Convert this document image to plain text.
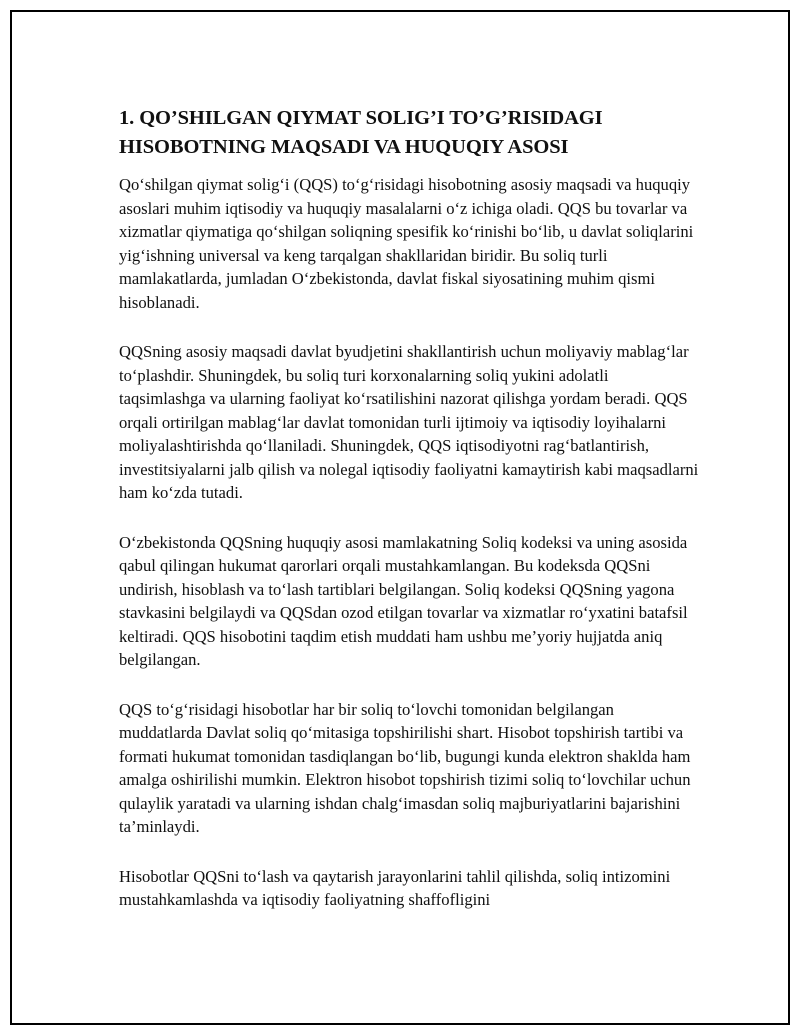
1. QO’SHILGAN QIYMAT SOLIG’I TO’G’RISIDAGI HISOBOTNING MAQSADI VA HUQUQIY ASOSI

Qo‘shilgan qiymat solig‘i (QQS) to‘g‘risidagi hisobotning asosiy maqsadi va huquqiy asoslari muhim iqtisodiy va huquqiy masalalarni o‘z ichiga oladi. QQS bu tovarlar va xizmatlar qiymatiga qo‘shilgan soliqning spesifik ko‘rinishi bo‘lib, u davlat soliqlarini yig‘ishning universal va keng tarqalgan shakllaridan biridir. Bu soliq turli mamlakatlarda, jumladan O‘zbekistonda, davlat fiskal siyosatining muhim qismi hisoblanadi.

QQSning asosiy maqsadi davlat byudjetini shakllantirish uchun moliyaviy mablag‘lar to‘plashdir. Shuningdek, bu soliq turi korxonalarning soliq yukini adolatli taqsimlashga va ularning faoliyat ko‘rsatilishini nazorat qilishga yordam beradi. QQS orqali ortirilgan mablag‘lar davlat tomonidan turli ijtimoiy va iqtisodiy loyihalarni moliyalashtirishda qo‘llaniladi. Shuningdek, QQS iqtisodiyotni rag‘batlantirish, investitsiyalarni jalb qilish va nolegal iqtisodiy faoliyatni kamaytirish kabi maqsadlarni ham ko‘zda tutadi.

O‘zbekistonda QQSning huquqiy asosi mamlakatning Soliq kodeksi va uning asosida qabul qilingan hukumat qarorlari orqali mustahkamlangan. Bu kodeksda QQSni undirish, hisoblash va to‘lash tartiblari belgilangan. Soliq kodeksi QQSning yagona stavkasini belgilaydi va QQSdan ozod etilgan tovarlar va xizmatlar ro‘yxatini batafsil keltiradi. QQS hisobotini taqdim etish muddati ham ushbu me’yoriy hujjatda aniq belgilangan.

QQS to‘g‘risidagi hisobotlar har bir soliq to‘lovchi tomonidan belgilangan muddatlarda Davlat soliq qo‘mitasiga topshirilishi shart. Hisobot topshirish tartibi va formati hukumat tomonidan tasdiqlangan bo‘lib, bugungi kunda elektron shaklda ham amalga oshirilishi mumkin. Elektron hisobot topshirish tizimi soliq to‘lovchilar uchun qulaylik yaratadi va ularning ishdan chalg‘imasdan soliq majburiyatlarini bajarishini ta’minlaydi.

Hisobotlar QQSni to‘lash va qaytarish jarayonlarini tahlil qilishda, soliq intizomini mustahkamlashda va iqtisodiy faoliyatning shaffofligini
